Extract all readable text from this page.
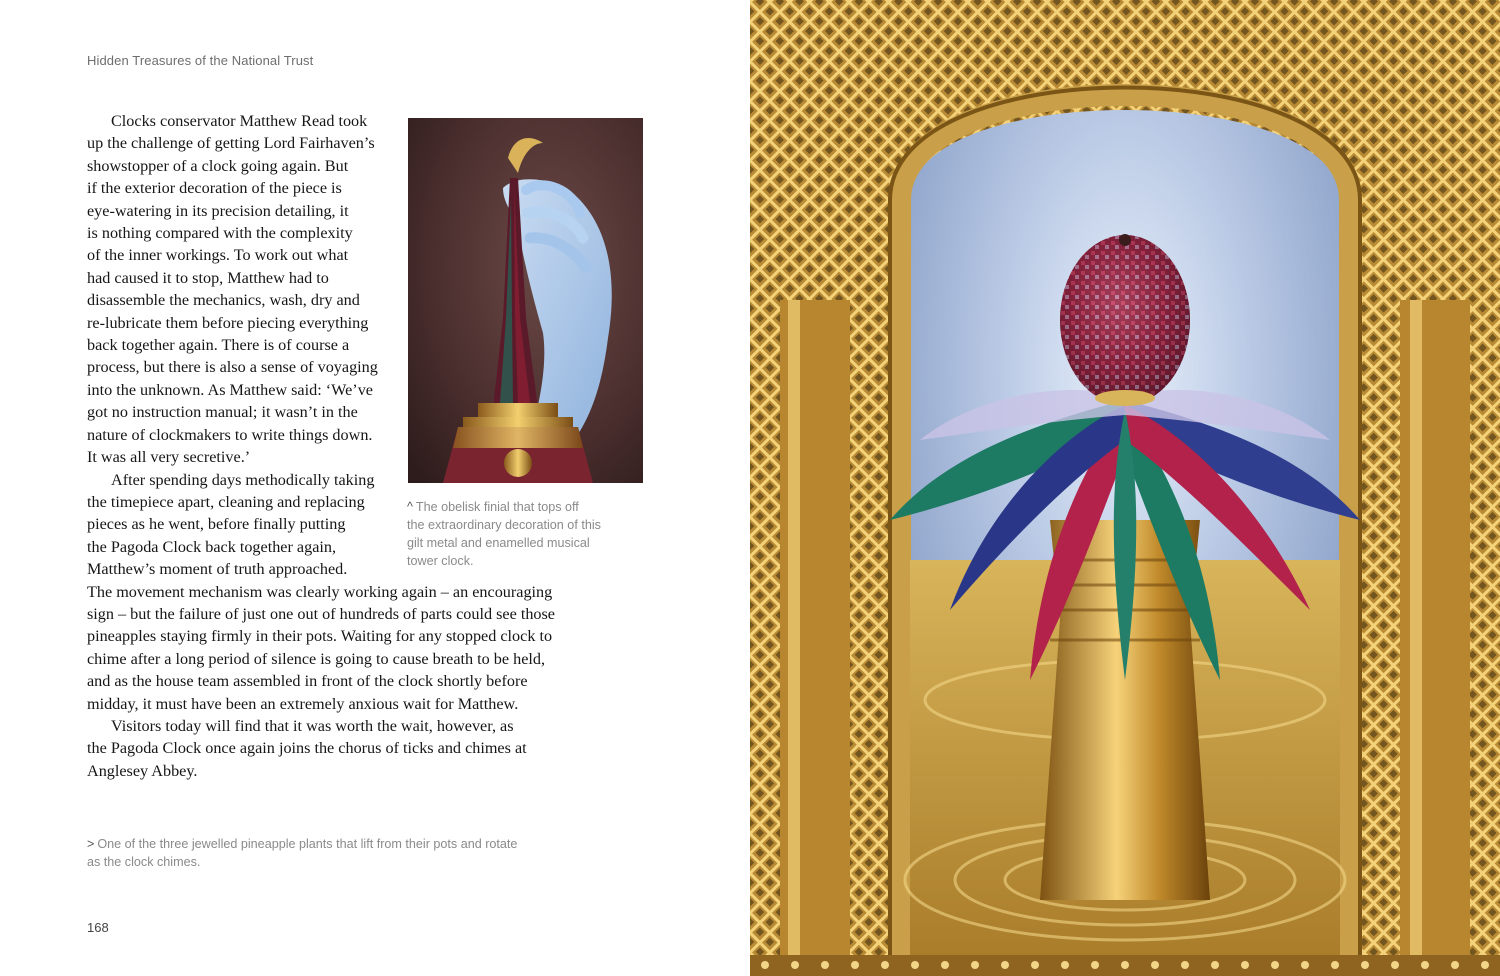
Hidden Treasures of the National Trust
Clocks conservator Matthew Read took
up the challenge of getting Lord Fairhaven’s
showstopper of a clock going again. But
if the exterior decoration of the piece is
eye-watering in its precision detailing, it
is nothing compared with the complexity
of the inner workings. To work out what
had caused it to stop, Matthew had to
disassemble the mechanics, wash, dry and
re-lubricate them before piecing everything
back together again. There is of course a
process, but there is also a sense of voyaging
into the unknown. As Matthew said: ‘We’ve
got no instruction manual; it wasn’t in the
nature of clockmakers to write things down.
It was all very secretive.’
After spending days methodically taking
the timepiece apart, cleaning and replacing
pieces as he went, before finally putting
the Pagoda Clock back together again,
Matthew’s moment of truth approached.
The movement mechanism was clearly working again – an encouraging
sign – but the failure of just one out of hundreds of parts could see those
pineapples staying firmly in their pots. Waiting for any stopped clock to
chime after a long period of silence is going to cause breath to be held,
and as the house team assembled in front of the clock shortly before
midday, it must have been an extremely anxious wait for Matthew.
Visitors today will find that it was worth the wait, however, as
the Pagoda Clock once again joins the chorus of ticks and chimes at
Anglesey Abbey.
^ The obelisk finial that tops off
the extraordinary decoration of this
gilt metal and enamelled musical
tower clock.
> One of the three jewelled pineapple plants that lift from their pots and rotate
as the clock chimes.
168
